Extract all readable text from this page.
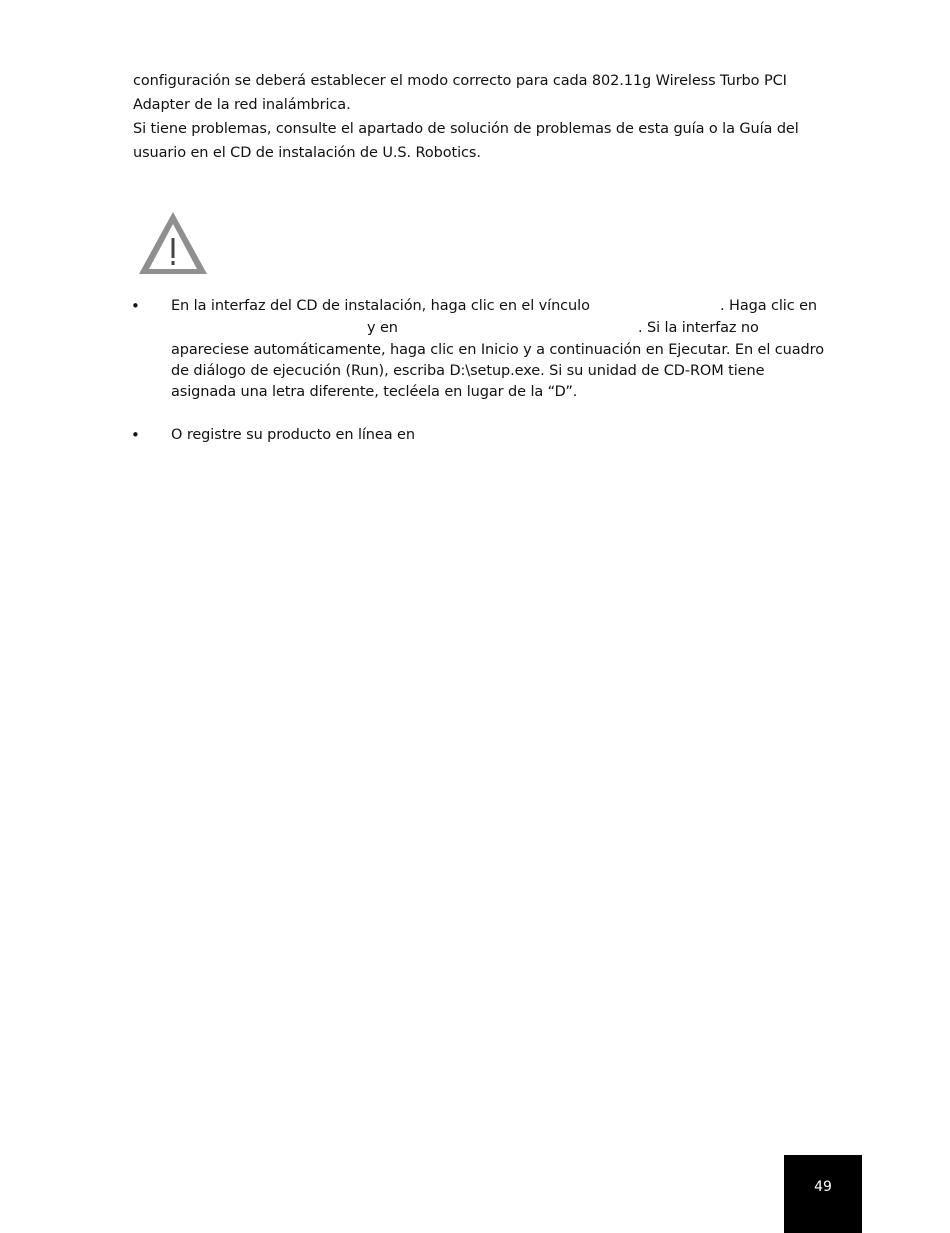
configuración se deberá establecer el modo correcto para cada 802.11g Wireless Turbo PCI
Adapter de la red inalámbrica.
Si tiene problemas, consulte el apartado de solución de problemas de esta guía o la Guía del
usuario en el CD de instalación de U.S. Robotics.
• En la interfaz del CD de instalación, haga clic en el vínculo	. Haga clic en
y en	. Si la interfaz no
apareciese automáticamente, haga clic en Inicio y a continuación en Ejecutar. En el cuadro
de diálogo de ejecución (Run), escriba D:\setup.exe. Si su unidad de CD-ROM tiene
asignada una letra diferente, tecléela en lugar de la “D”.
• O registre su producto en línea en
49
